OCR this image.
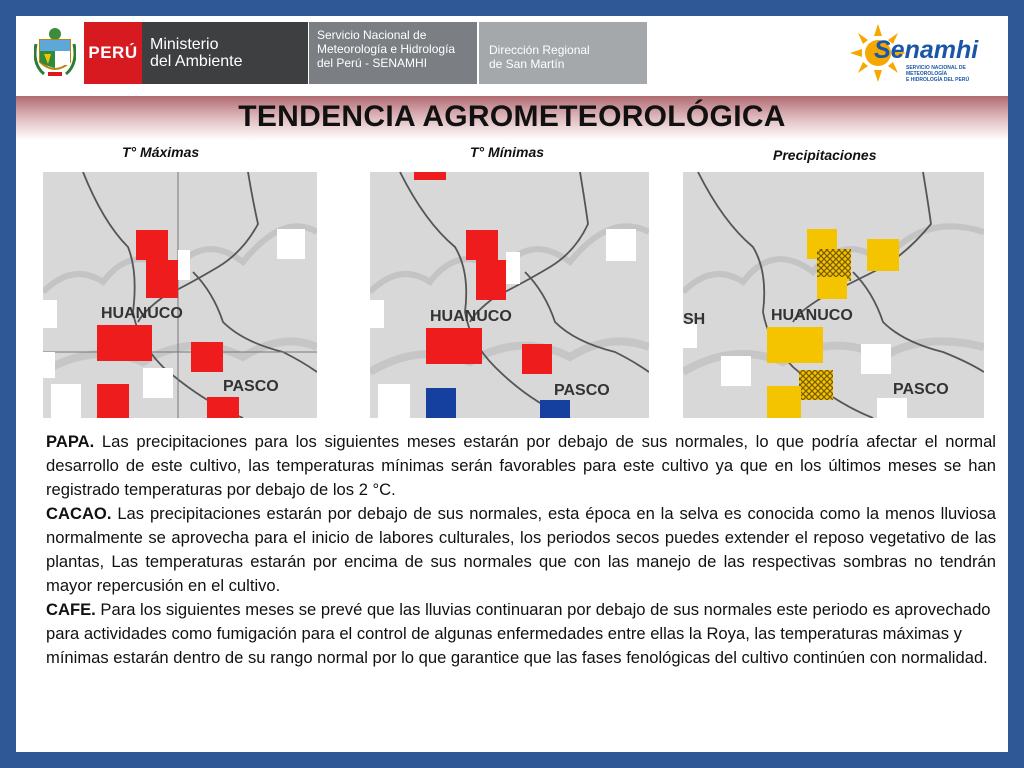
PERÚ Ministerio
del Ambiente
Servicio Nacional de
Meteorología e Hidrología
del Perú - SENAMHI
Dirección Regional
de San Martín	Senamhi
SERVICIO NACIONAL DE METEOROLOGÍA
E HIDROLOGÍA DEL PERÚ
TENDENCIA AGROMETEOROLÓGICA
T° Máximas	T° Mínimas	Precipitaciones
HUANUCO
PASCO
HUANUCO
PASCO
SH	HUANUCO
PASCO

PAPA. Las precipitaciones para los siguientes meses estarán por debajo de sus normales, lo que podría afectar el normal desarrollo de este cultivo, las temperaturas mínimas serán favorables para este cultivo ya que en los últimos meses se han registrado temperaturas por debajo de los 2 °C.

CACAO. Las precipitaciones estarán por debajo de sus normales, esta época en la selva es conocida como la menos lluviosa normalmente se aprovecha para el inicio de labores culturales, los periodos secos puedes extender el reposo vegetativo de las plantas, Las temperaturas estarán por encima de sus normales que con las manejo de las respectivas sombras no tendrán mayor repercusión en el cultivo.

CAFE. Para los siguientes meses se prevé que las lluvias continuaran por debajo de sus normales este periodo es aprovechado para actividades como fumigación para el control de algunas enfermedades entre ellas la Roya, las temperaturas máximas y mínimas estarán dentro de su rango normal por lo que garantice que las fases fenológicas del cultivo continúen con normalidad.
